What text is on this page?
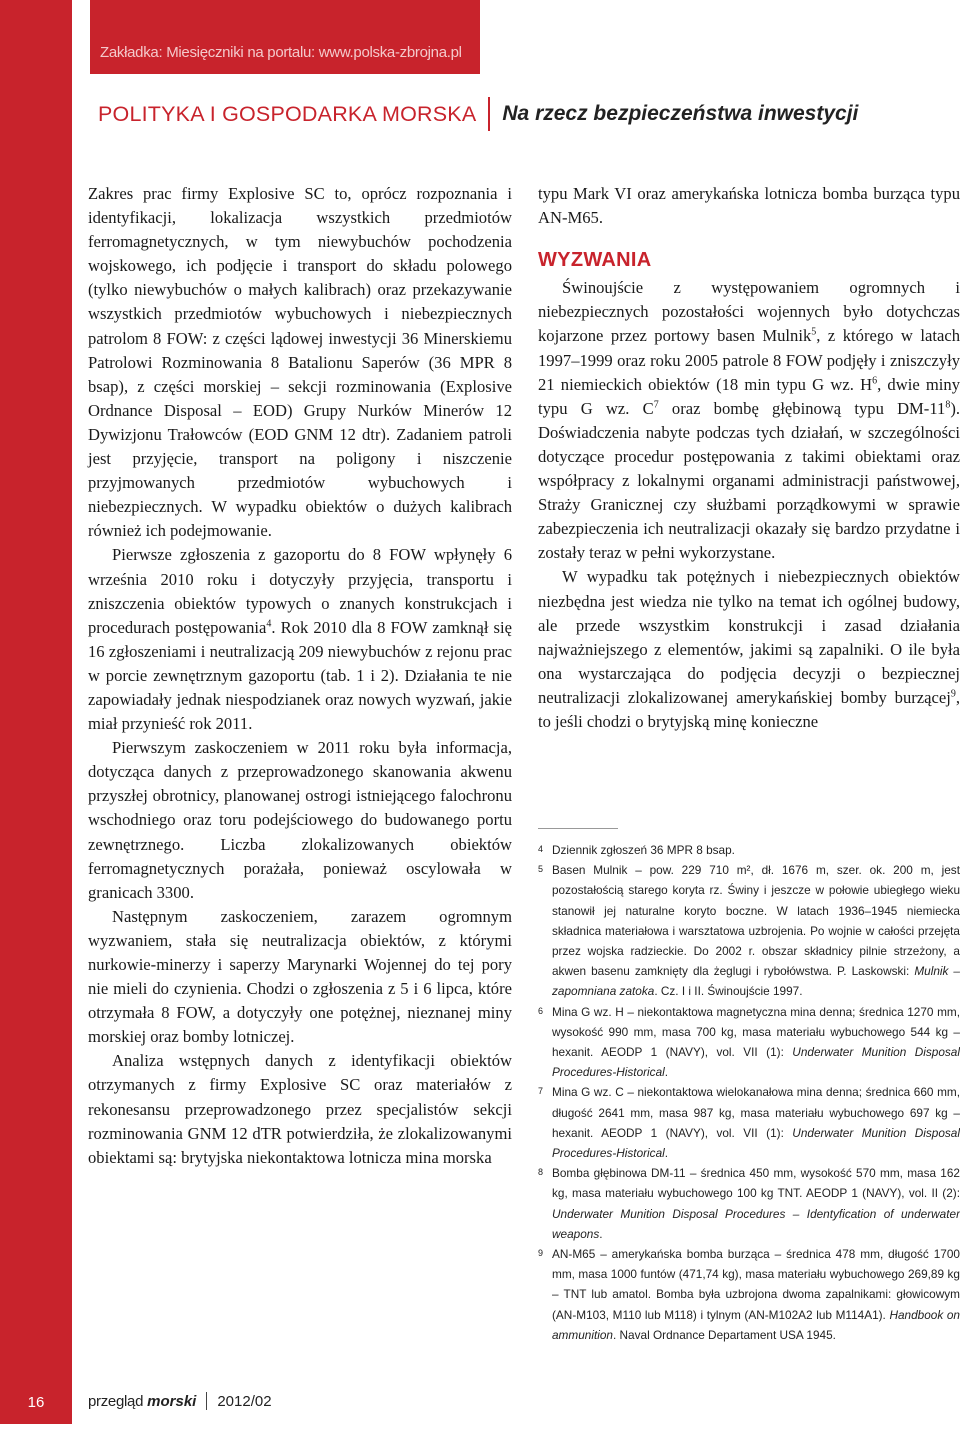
Zakładka: Miesięczniki na portalu: www.polska-zbrojna.pl
POLITYKA I GOSPODARKA MORSKA	Na rzecz bezpieczeństwa inwestycji

Zakres prac firmy Explosive SC to, oprócz rozpoznania i identyfikacji, lokalizacja wszystkich przedmiotów ferromagnetycznych, w tym niewybuchów pochodzenia wojskowego, ich podjęcie i transport do składu polowego (tylko niewybuchów o małych kalibrach) oraz przekazywanie wszystkich przedmiotów wybuchowych i niebezpiecznych patrolom 8 FOW: z części lądowej inwestycji 36 Minerskiemu Patrolowi Rozminowania 8 Batalionu Saperów (36 MPR 8 bsap), z części morskiej – sekcji rozminowania (Explosive Ordnance Disposal – EOD) Grupy Nurków Minerów 12 Dywizjonu Trałowców (EOD GNM 12 dtr). Zadaniem patroli jest przyjęcie, transport na poligony i niszczenie przyjmowanych przedmiotów wybuchowych i niebezpiecznych. W wypadku obiektów o dużych kalibrach również ich podejmowanie.

Pierwsze zgłoszenia z gazoportu do 8 FOW wpłynęły 6 września 2010 roku i dotyczyły przyjęcia, transportu i zniszczenia obiektów typowych o znanych konstrukcjach i procedurach postępowania$^4$. Rok 2010 dla 8 FOW zamknął się 16 zgłoszeniami i neutralizacją 209 niewybuchów z rejonu prac w porcie zewnętrznym gazoportu (tab. 1 i 2). Działania te nie zapowiadały jednak niespodzianek oraz nowych wyzwań, jakie miał przynieść rok 2011.

Pierwszym zaskoczeniem w 2011 roku była informacja, dotycząca danych z przeprowadzonego skanowania akwenu przyszłej obrotnicy, planowanej ostrogi istniejącego falochronu wschodniego oraz toru podejściowego do budowanego portu zewnętrznego. Liczba zlokalizowanych obiektów ferromagnetycznych porażała, ponieważ oscylowała w granicach 3300.

Następnym zaskoczeniem, zarazem ogromnym wyzwaniem, stała się neutralizacja obiektów, z którymi nurkowie-minerzy i saperzy Marynarki Wojennej do tej pory nie mieli do czynienia. Chodzi o zgłoszenia z 5 i 6 lipca, które otrzymała 8 FOW, a dotyczyły one potężnej, nieznanej miny morskiej oraz bomby lotniczej.

Analiza wstępnych danych z identyfikacji obiektów otrzymanych z firmy Explosive SC oraz materiałów z rekonesansu przeprowadzonego przez specjalistów sekcji rozminowania GNM 12 dTR potwierdziła, że zlokalizowanymi obiektami są: brytyjska niekontaktowa lotnicza mina morska

typu Mark VI oraz amerykańska lotnicza bomba burząca typu AN-M65.

WYZWANIA

Świnoujście z występowaniem ogromnych i niebezpiecznych pozostałości wojennych było dotychczas kojarzone przez portowy basen Mulnik$^5$, z którego w latach 1997–1999 oraz roku 2005 patrole 8 FOW podjęły i zniszczyły 21 niemieckich obiektów (18 min typu G wz. $H^6$, dwie miny typu G wz. $C^7$ oraz bombę głębinową typu $DM-11^8$). Doświadczenia nabyte podczas tych działań, w szczególności dotyczące procedur postępowania z takimi obiektami oraz współpracy z lokalnymi organami administracji państwowej, Straży Granicznej czy służbami porządkowymi w sprawie zabezpieczenia ich neutralizacji okazały się bardzo przydatne i zostały teraz w pełni wykorzystane.

W wypadku tak potężnych i niebezpiecznych obiektów niezbędna jest wiedza nie tylko na temat ich ogólnej budowy, ale przede wszystkim konstrukcji i zasad działania najważniejszego z elementów, jakimi są zapalniki. O ile była ona wystarczająca do podjęcia decyzji o bezpiecznej neutralizacji zlokalizowanej amerykańskiej bomby burzącej$^9$, to jeśli chodzi o brytyjską minę konieczne

4 Dziennik zgłoszeń 36 MPR 8 bsap.

5 Basen Mulnik – pow. 229 710 m², dł. 1676 m, szer. ok. 200 m, jest pozostałością starego koryta rz. Świny i jeszcze w połowie ubiegłego wieku stanowił jej naturalne koryto boczne. W latach 1936–1945 niemiecka składnica materiałowa i warsztatowa uzbrojenia. Po wojnie w całości przejęta przez wojska radzieckie. Do 2002 r. obszar składnicy pilnie strzeżony, a akwen basenu zamknięty dla żeglugi i rybołówstwa. P. Laskowski: Mulnik – zapomniana zatoka. Cz. I i II. Świnoujście 1997.

6 Mina G wz. H – niekontaktowa magnetyczna mina denna; średnica 1270 mm, wysokość 990 mm, masa 700 kg, masa materiału wybuchowego 544 kg – hexanit. AEODP 1 (NAVY), vol. VII (1): Underwater Munition Disposal Procedures-Historical.

7 Mina G wz. C – niekontaktowa wielokanałowa mina denna; średnica 660 mm, długość 2641 mm, masa 987 kg, masa materiału wybuchowego 697 kg – hexanit. AEODP 1 (NAVY), vol. VII (1): Underwater Munition Disposal Procedures-Historical.

8 Bomba głębinowa DM-11 – średnica 450 mm, wysokość 570 mm, masa 162 kg, masa materiału wybuchowego 100 kg TNT. AEODP 1 (NAVY), vol. II (2): Underwater Munition Disposal Procedures – Identyfication of underwater weapons.

9 AN-M65 – amerykańska bomba burząca – średnica 478 mm, długość 1700 mm, masa 1000 funtów (471,74 kg), masa materiału wybuchowego 269,89 kg – TNT lub amatol. Bomba była uzbrojona dwoma zapalnikami: głowicowym (AN-M103, M110 lub M118) i tylnym (AN-M102A2 lub M114A1). Handbook on ammunition. Naval Ordnance Departament USA 1945.

16	przegląd morski 2012/02
